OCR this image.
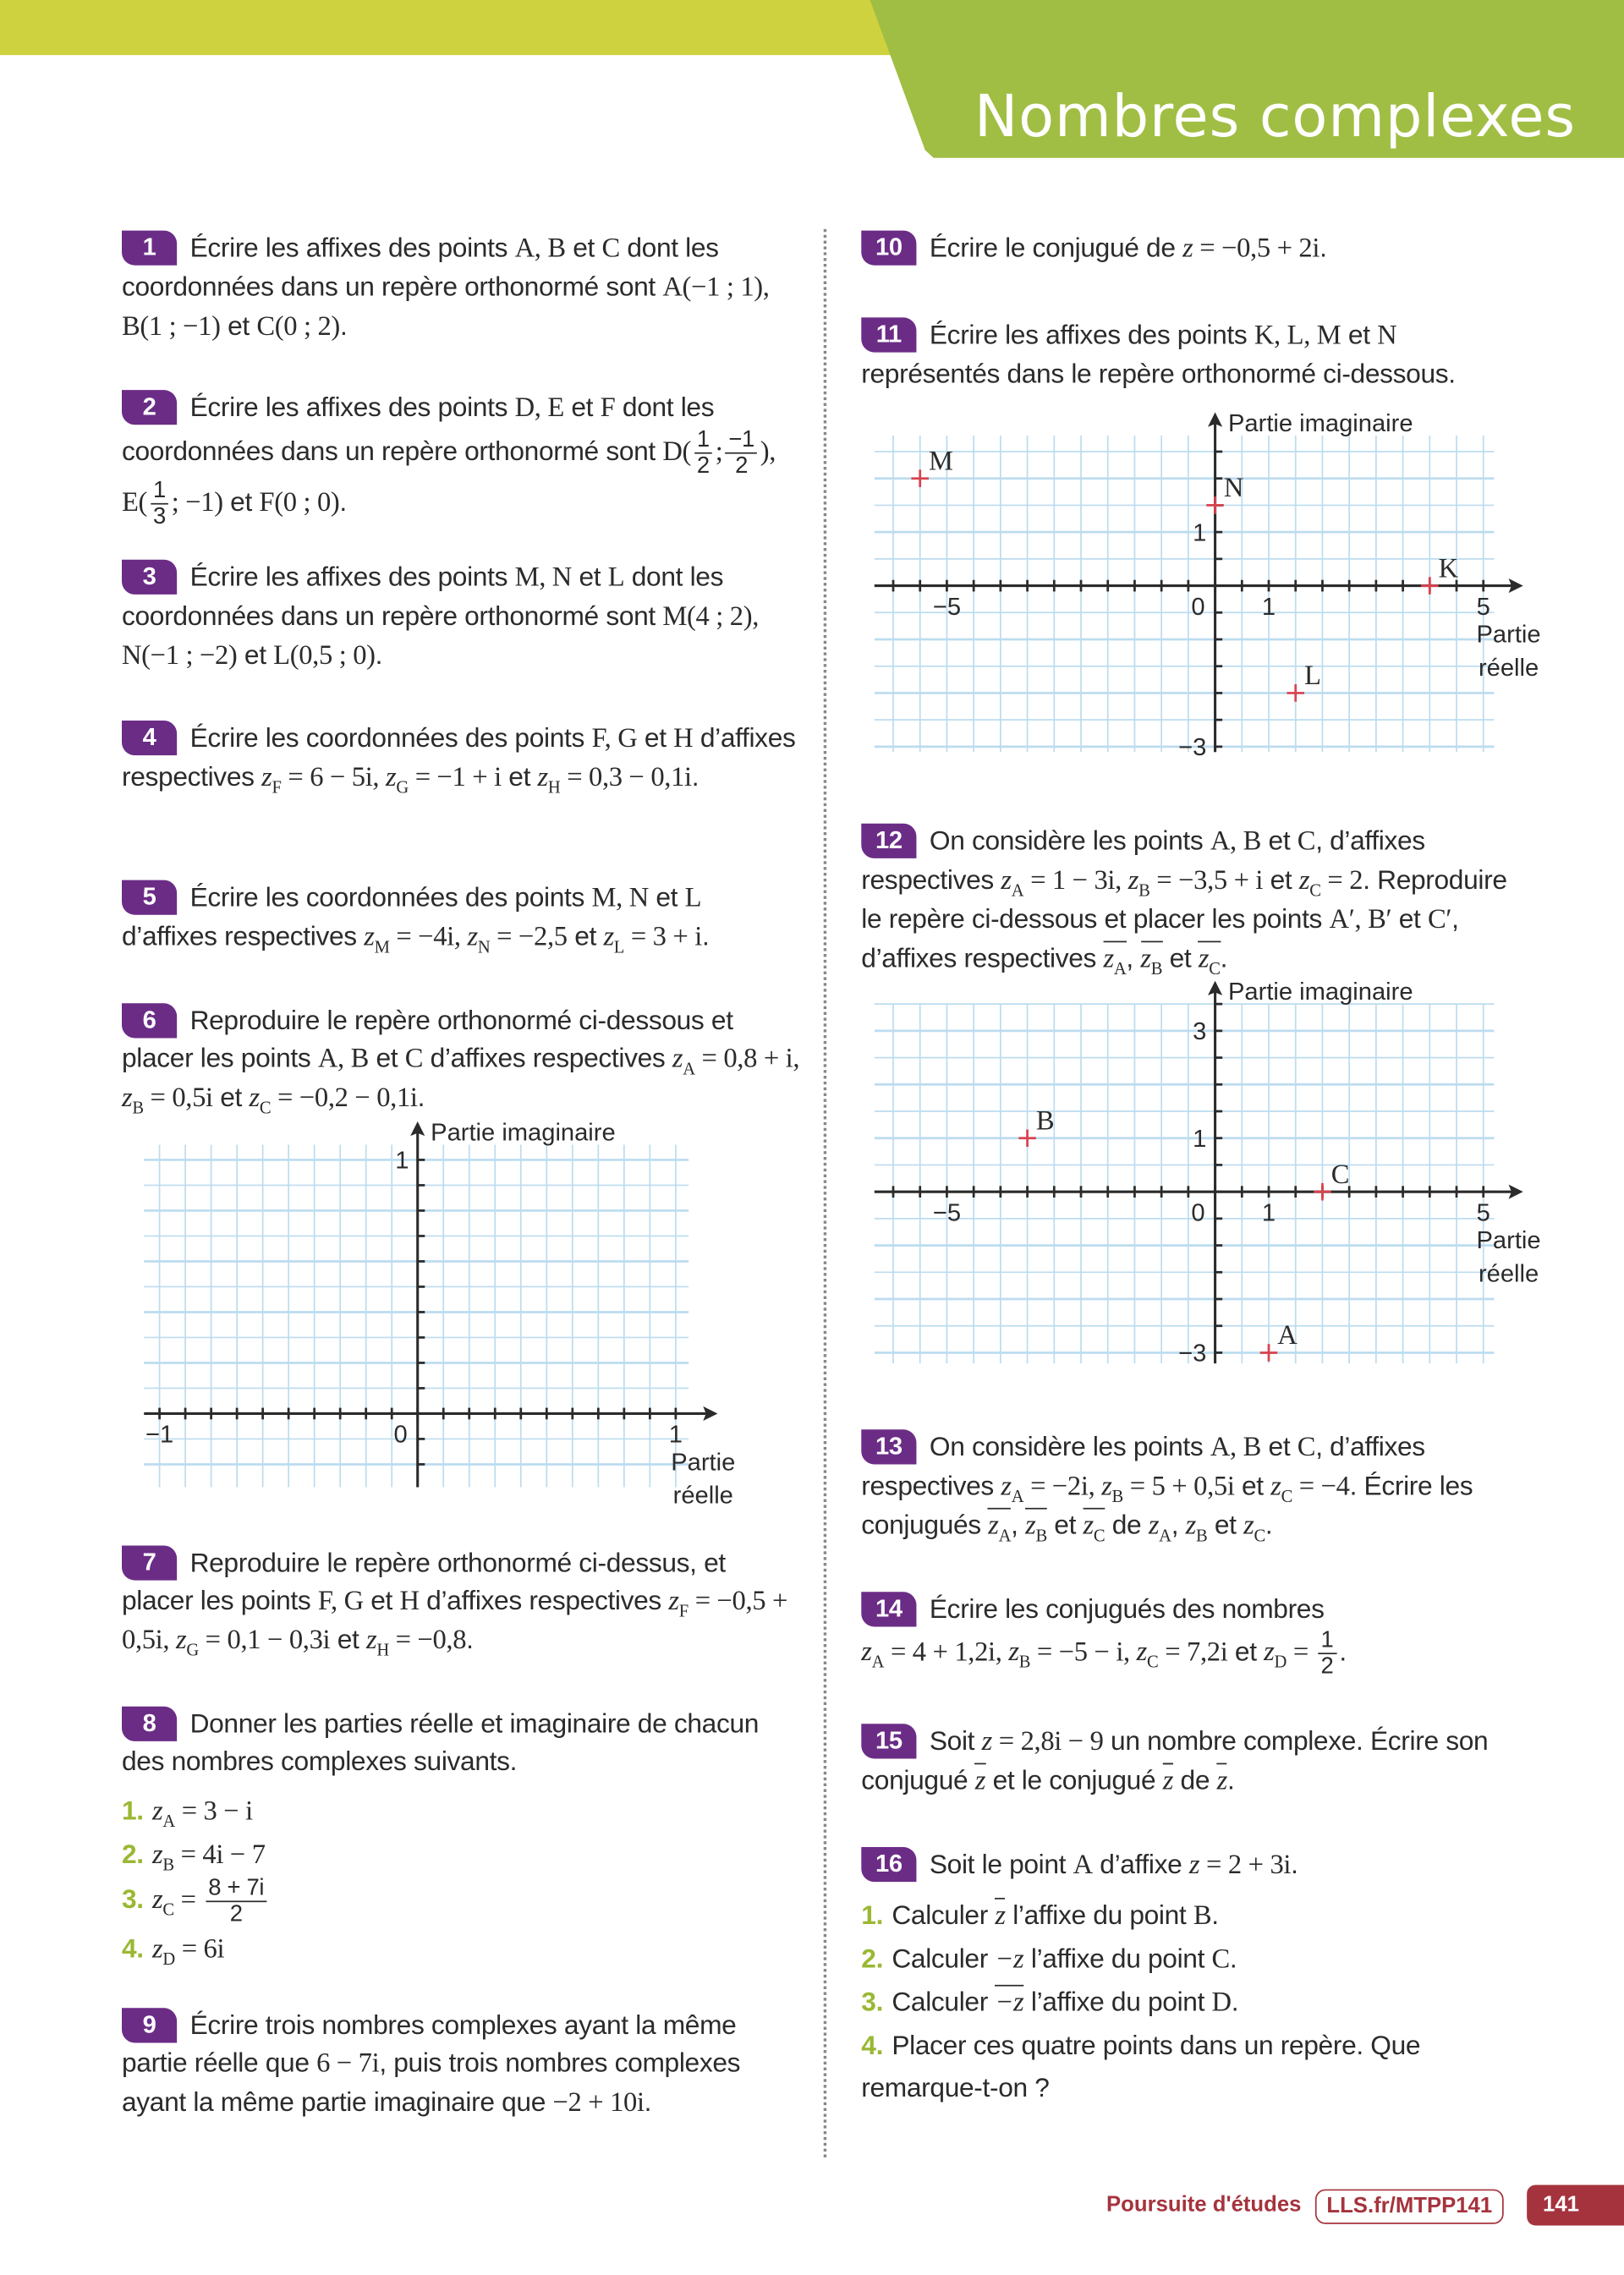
Nombres complexes
1 Écrire les affixes des points A, B et C dont les coordonnées dans un repère orthonormé sont A(−1 ; 1), B(1 ; −1) et C(0 ; 2).
2 Écrire les affixes des points D, E et F dont les coordonnées dans un repère orthonormé sont $D( \frac{1}{2}$ ; $\frac{-1}{2}$ ), $E( \frac{1}{3}$ ; −1) et F(0 ; 0).
3 Écrire les affixes des points M, N et L dont les coordonnées dans un repère orthonormé sont M(4 ; 2), N(−1 ; −2) et L(0,5 ; 0).
4 Écrire les coordonnées des points F, G et H d’affixes respectives $z_F = 6 - 5i$, $z_G = -1 + i$ et $z_H = 0,3 - 0,1i$.
5 Écrire les coordonnées des points M, N et L d’affixes respectives $z_M = -4i$, $z_N = -2,5$ et $z_L = 3 + i$.
6 Reproduire le repère orthonormé ci-dessous et placer les points A, B et C d’affixes respectives $z_A = 0,8 + i$, $z_B = 0,5i$ et $z_C = -0,2 - 0,1i$.
−1	1
1
0
Partie imaginaire
Partie
réelle
7 Reproduire le repère orthonormé ci-dessus, et placer les points F, G et H d’affixes respectives $z_F = -0,5 + 0,5i$, $z_G = 0,1 - 0,3i$ et $z_H = -0,8$.
8 Donner les parties réelle et imaginaire de chacun des nombres complexes suivants.
1. $z_A = 3 - i$
2. $z_B = 4i - 7$
3. $z_C = \frac{8 + 7i}{2}$
4. $z_D = 6i$
9 Écrire trois nombres complexes ayant la même partie réelle que 6 − 7i, puis trois nombres complexes ayant la même partie imaginaire que −2 + 10i.
10 Écrire le conjugué de z = −0,5 + 2i.
11 Écrire les affixes des points K, L, M et N représentés dans le repère orthonormé ci-dessous.
−5	1	5
1
−3
0
Partie imaginaire
Partie
réelle
M
N
K
L
12 On considère les points A, B et C, d’affixes respectives $z_A = 1 - 3i$, $z_B = -3,5 + i$ et $z_C = 2$. Reproduire le repère ci-dessous et placer les points A′, B′ et C′, d’affixes respectives $z_A$, $z_B$ et $z_C$.
−5	1	5
3
1
−3
0
Partie imaginaire
Partie
réelle
B
C
A
13 On considère les points A, B et C, d’affixes respectives $z_A = -2i$, $z_B = 5 + 0,5i$ et $z_C = -4$. Écrire les conjugués $z_A$, $z_B$ et $z_C$ de $z_A$, $z_B$ et $z_C$.
14 Écrire les conjugués des nombres
$z_A = 4 + 1,2i$, $z_B = -5 - i$, $z_C = 7,2i$ et $z_D = \frac{1}{2}$ .
15 Soit z = 2,8i − 9 un nombre complexe. Écrire son conjugué z et le conjugué z de z.
16 Soit le point A d’affixe z = 2 + 3i.
1. Calculer z l’affixe du point B.
2. Calculer −z l’affixe du point C.
3. Calculer −z l’affixe du point D.
4. Placer ces quatre points dans un repère. Que remarque-t-on ?
Poursuite d'études	LLS.fr/MTPP141	141
